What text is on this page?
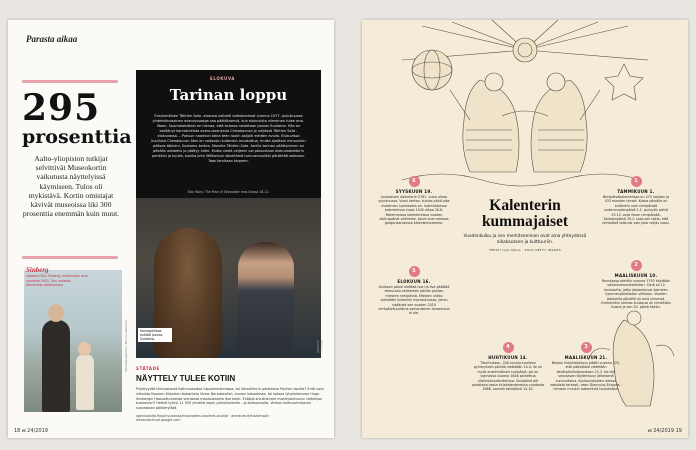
Parasta aikaa
295
prosenttia
Aalto-yliopiston tutkijat selvittivät Museokortin vaikutusta näyttelyissä käymiseen. Tulos oli mykistävä. Kortin omistajat kävivät museoissa liki 300 prosenttia enemmän kuin muut.
Sinberg
maalasi Riku Sinberg, tuntematon teos vuodelta 1903. Sen omistaa Ateneumin taidemuseo.
Kansallisgalleria / Hannu Aaltonen
ELOKUVA
Tarinan loppu
Ensimmäinen Tähtien Sota -elokuva valloitti valkokankaat vuonna 1977. Joulukuussa yhdeksänosainen avaruussaaga saa päätöksensä, kun elokuvista viimeinen tulee ensi-iltaan. Suomalaisittain on hienoa, että kolossa nostetaan Joonas Suotamo. Hän on esittänyt karvaturkista avaruussankaria Chewbaccaa jo neljässä Tähtien Sota -elokuvassa. – Paksun naamion takia teen roolin paljolti eleiden avulla. Elokuvissa kuulluva Chewbaccan ääni on valtaosin kuitenkin muokattua, mutta ajoittain minuunkin pääsee äänieni, Suotamo kertoo. Monelle Tähtien Sota -fanille tarinan päättyminen on pitkään odotettu ja päätyy hetki. Mutta viedä veljeeni vai paluustaan elokuvateatterin penkkiin ja kuulla, kuinka John Williamsin säveltämä tunnusmusiikki pärähtää soimaan. Taas tarvitaan tarpeen.
Star Wars: The Rise of Skywalker ensi-illassa 18.12.
Karvapeikkoa esittää Joonas Suotamo.
Disney / Lucasfilm
STÄTADE
NÄYTTELY TULEE KOTIIN
Pirjaityydät kiinnostavat kotimuseoissa Lappeenrannassa, tai Versailles'in palatsissa Pariisin lepolla? Entä voisi vilkaista Kuopion Kirjaston kokoelmia Victor Barsokevitsh -kuvien kokoelmaa, tai katsoa lyhytelokuvan Hugo Simbergin Haavoittuneesta vieraasta maalauksesta itse kohti. Entäpä sivuillamme maailmankuulun taiteilijan tuotannon? Hetkiä työryi 11 550 yhdeltä napin painalluksella – ja kotisohvalta. Verkon kulttuuritarjonta suorastaan pökkeryttää.
opinvuosilta.fi/opinvuosissa/museoiden-avoimet-sisallot · ateneum.fi/maailmalla · artsandculture.google.com
18 et 24/2019
Kalenterin kummajaiset
Vuodenkulku ja sen merkitseminen ovat aina yhteydessä aikakauteen ja kulttuuriin.
TEKSTI ILJA OJALA · KUVA GETTY IMAGES
6
SYYSKUUN 19.
Juutalaisen kalenterin 5781. vuosi alkaa syyskuussa. Vuosi kertoo, kuinka pitkä aika maailman luomisesta on. Islamilaisessa kalenterissa vuosi 1442 alkaa 20.8. Molemmissa kalentereissa vuoden aloituspäivä vaihtelee, toisin kuin omassa gregoriaanisessa kalenterissamme.
1
TAMMIKUUN 1.
Nimipäiväkalenterissa on 475 naisten ja 433 miesten nimeä. Koska päivälle on kuitenkin vain nimipäivää uudenvuodenpäivä 1.1. jouluyön päivä 25.12. ovat ilman nimipäivää. Karkauspäivä 29.2. taas sen takia, että nimipäivä toistuisi vain joka neljäs vuosi.
5
ELOKUUN 16.
Aulikaan päivä aloittaa Ivari ja Ilve päättää elokuussa seitsemän päivän putken miesten nimipäiviä. Miesten viikko vietetään kuitenkin marraskuussa, johon sisäänsä sen vuoden 2010 nimipäiväuudistus samanlainen lanseeraus ei ole.
2
MAALISKUUN 10.
Ranskassa otettiin vuonna 1793 käyttöön vallankumouskalenteri. Siinä oli 12 kuukautta, jotka jakaantuivat kolmeen kymmenpäiväiseen viikkoon. Vuoden jokaisella päivällä oli oma nimensä. Esimerkiksi kolmas kuukausi oli nimeltään huono ja sen 10. päivä hekku.
4
HUHTIKUUN 14.
Tiburtiuksen, 200-luvulla kuolleen pyhimyksen päivää vietetään 14.4. Se on myös ensimmäinen suvipäivä, jos on voimassa vuonna 1646 painettua viisikirjoiskalenterissa. Suvipäivä piti palattava vasta kirjakalentereissa vuodesta 1888, samoin talvipäivä 14.10.
3
MAALISKUUN 21.
Nikean kirkolliskokous päätti vuonna 325, että pääsiäistä vietetään kevätpäiväntasauksen 21.3. tai sitä seuraavan täydenkuun jälkeisenä sunnuntaina. Kuutaulukoiden ollessa katsoista tarkasti, vaan Dionysius Exiguus -nimisen munkin laskemista taulukoista.
et 24/2019 19
